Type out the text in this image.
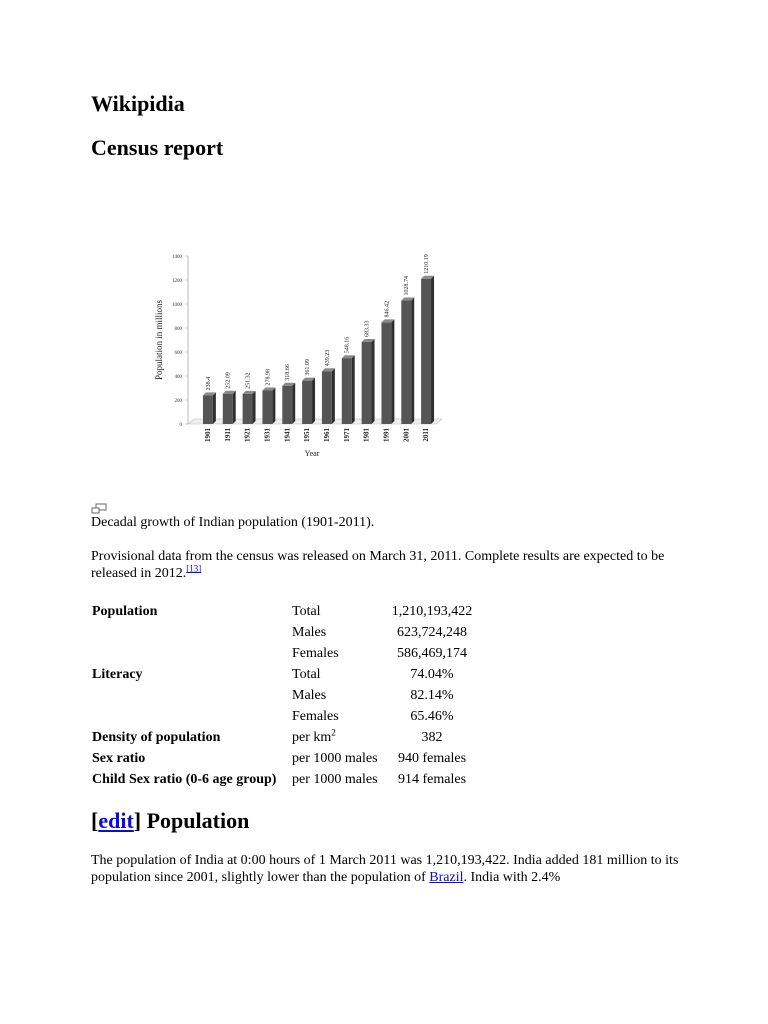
Wikipidia
Census report
0
200
400
600
800
1000
1200
1400
238.4
1901
252.09
1911
251.32
1921
278.98
1931
318.66
1941
361.09
1951
439.23
1961
548.16
1971
683.33
1981
846.42
1991
1028.74
2001
1210.19
2011
Year
Population in millions

Decadal growth of Indian population (1901-2011).

Provisional data from the census was released on March 31, 2011. Complete results are expected to be released in 2012.[13]

Population	Total	1,210,193,422
	Males	623,724,248
	Females	586,469,174
Literacy	Total	74.04%
	Males	82.14%
	Females	65.46%
Density of population	per $km^2$	382
Sex ratio	per 1000 males	940 females
Child Sex ratio (0-6 age group)	per 1000 males	914 females
[edit] Population

The population of India at 0:00 hours of 1 March 2011 was 1,210,193,422. India added 181 million to its population since 2001, slightly lower than the population of Brazil. India with 2.4%
